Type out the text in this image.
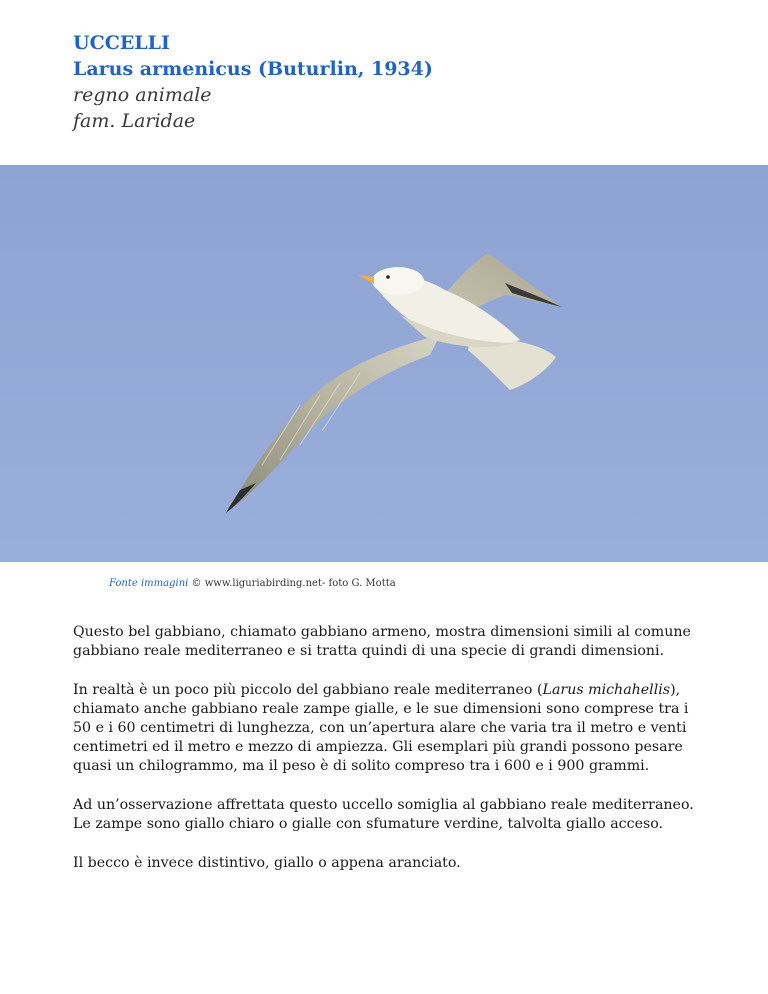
UCCELLI
Larus armenicus (Buturlin, 1934)
regno animale
fam. Laridae
Fonte immagini © www.liguriabirding.net- foto G. Motta

Questo bel gabbiano, chiamato gabbiano armeno, mostra dimensioni simili al comune gabbiano reale mediterraneo e si tratta quindi di una specie di grandi dimensioni.

In realtà è un poco più piccolo del gabbiano reale mediterraneo (Larus michahellis), chiamato anche gabbiano reale zampe gialle, e le sue dimensioni sono comprese tra i 50 e i 60 centimetri di lunghezza, con un’apertura alare che varia tra il metro e venti centimetri ed il metro e mezzo di ampiezza. Gli esemplari più grandi possono pesare quasi un chilogrammo, ma il peso è di solito compreso tra i 600 e i 900 grammi.

Ad un’osservazione affrettata questo uccello somiglia al gabbiano reale mediterraneo. Le zampe sono giallo chiaro o gialle con sfumature verdine, talvolta giallo acceso.

Il becco è invece distintivo, giallo o appena aranciato.
